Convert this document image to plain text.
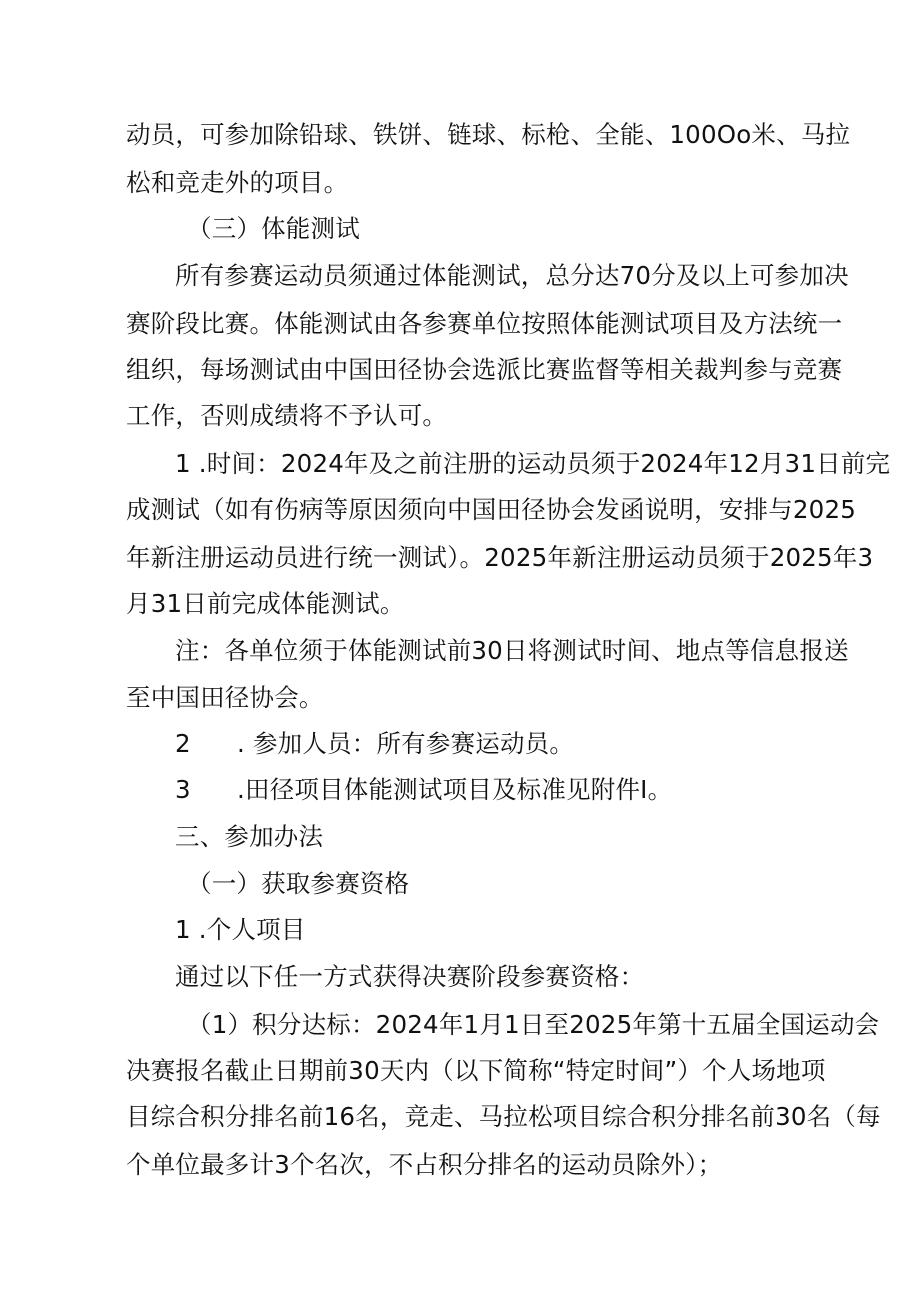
动员，可参加除铅球、铁饼、链球、标枪、全能、100Oo米、马拉
松和竞走外的项目。
（三）体能测试
所有参赛运动员须通过体能测试，总分达70分及以上可参加决
赛阶段比赛。体能测试由各参赛单位按照体能测试项目及方法统一
组织，每场测试由中国田径协会选派比赛监督等相关裁判参与竞赛
工作，否则成绩将不予认可。
1 .时间：2024年及之前注册的运动员须于2024年12月31日前完
成测试（如有伤病等原因须向中国田径协会发函说明，安排与2025
年新注册运动员进行统一测试）。2025年新注册运动员须于2025年3
月31日前完成体能测试。
注：各单位须于体能测试前30日将测试时间、地点等信息报送
至中国田径协会。
2 . 参加人员：所有参赛运动员。
3 .田径项目体能测试项目及标准见附件I。
三、参加办法
（一）获取参赛资格
1 .个人项目
通过以下任一方式获得决赛阶段参赛资格：
（1）积分达标：2024年1月1日至2025年第十五届全国运动会
决赛报名截止日期前30天内（以下简称“特定时间”）个人场地项
目综合积分排名前16名，竞走、马拉松项目综合积分排名前30名（每
个单位最多计3个名次，不占积分排名的运动员除外）；
